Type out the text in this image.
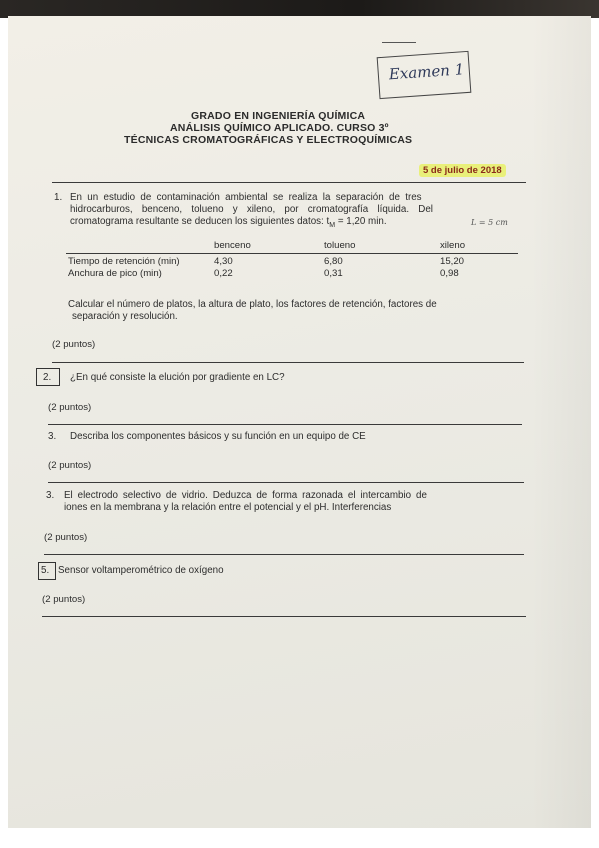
Examen 1
GRADO EN INGENIERÍA QUÍMICA
ANÁLISIS QUÍMICO APLICADO. CURSO 3º
TÉCNICAS CROMATOGRÁFICAS Y ELECTROQUÍMICAS
5 de julio de 2018
1. En un estudio de contaminación ambiental se realiza la separación de tres
hidrocarburos, benceno, tolueno y xileno, por cromatografía líquida. Del
cromatograma resultante se deducen los siguientes datos: $t_M = 1,20$ min.	L = 5 cm
benceno	tolueno	xileno
Tiempo de retención (min)	4,30	6,80	15,20
Anchura de pico (min)	0,22	0,31	0,98
Calcular el número de platos, la altura de plato, los factores de retención, factores de
separación y resolución.
(2 puntos)
2. ¿En qué consiste la elución por gradiente en LC?
(2 puntos)
3. Describa los componentes básicos y su función en un equipo de CE
(2 puntos)
3. El electrodo selectivo de vidrio. Deduzca de forma razonada el intercambio de
iones en la membrana y la relación entre el potencial y el pH. Interferencias
(2 puntos)
5. Sensor voltamperométrico de oxígeno
(2 puntos)
